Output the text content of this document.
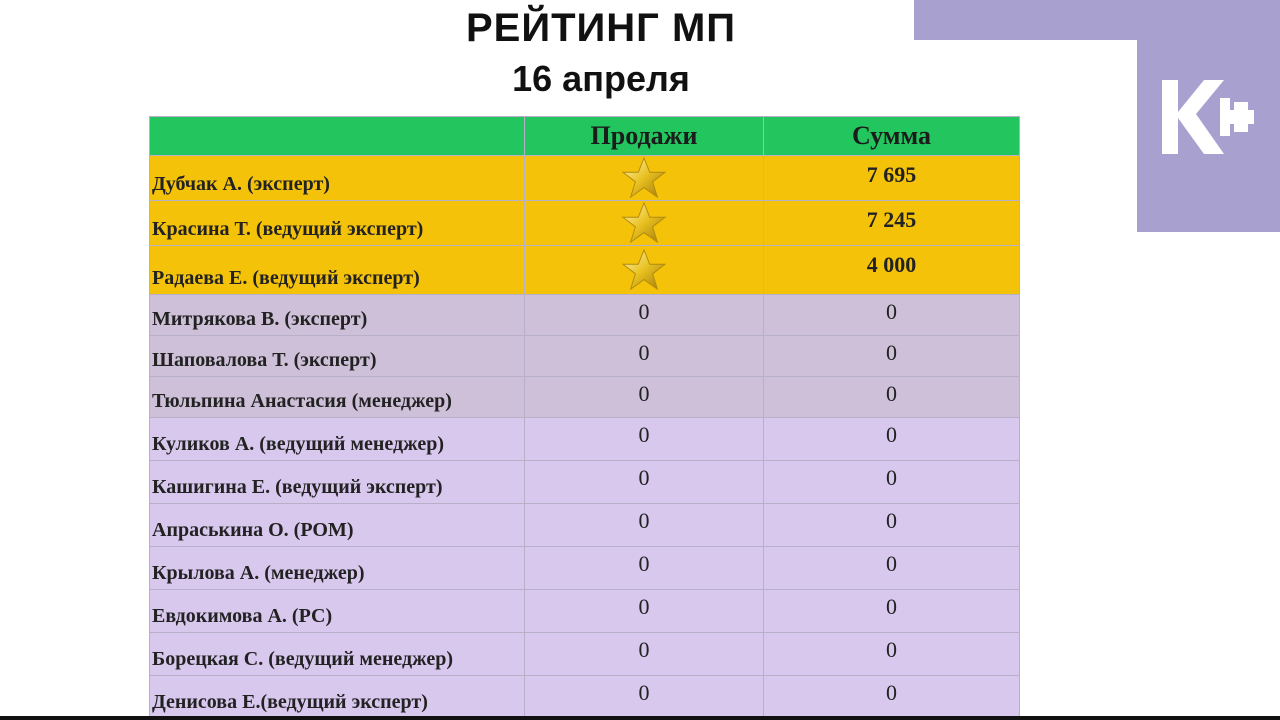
РЕЙТИНГ МП
16 апреля
	Продажи	Сумма
Дубчак А. (эксперт)		7 695
Красина Т. (ведущий эксперт)		7 245
Радаева Е. (ведущий эксперт)		4 000
Митрякова В. (эксперт)	0	0
Шаповалова Т. (эксперт)	0	0
Тюльпина Анастасия (менеджер)	0	0
Куликов А. (ведущий менеджер)	0	0
Кашигина Е. (ведущий эксперт)	0	0
Апраськина О. (РОМ)	0	0
Крылова А. (менеджер)	0	0
Евдокимова А. (РС)	0	0
Борецкая С. (ведущий менеджер)	0	0
Денисова Е.(ведущий эксперт)	0	0
